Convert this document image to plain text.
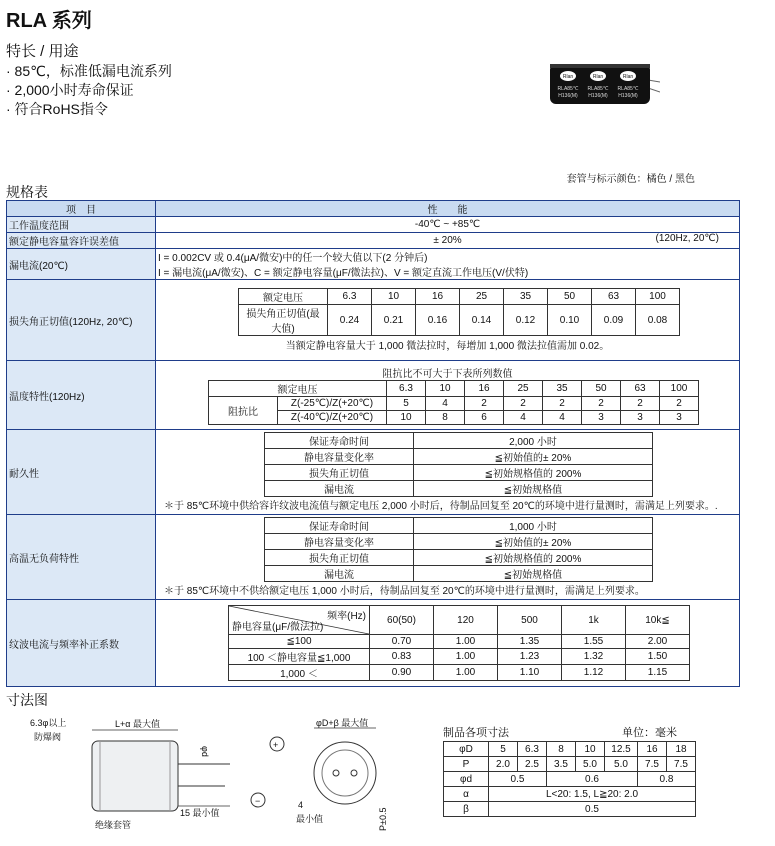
RLA 系列
特长 / 用途
· 85℃，标准低漏电流系列
· 2,000小时寿命保证
· 符合RoHS指令
Rlan	Rlan	Rlan
RLA85℃ RLA85℃ RLA85℃
H136(M) H136(M) H136(M)
套管与标示颜色：橘色 / 黑色
规格表
项　目	性　　能
工作温度范围	-40℃ ~ +85℃
额定静电容量容许误差值	± 20%	(120Hz, 20℃)

漏电流(20℃)	
I = 0.002CV 或 0.4(μA/微安)中的任一个较大值以下(2 分钟后)
I = 漏电流(μA/微安)、C = 额定静电容量(μF/微法拉)、V = 额定直流工作电压(V/伏特)

损失角正切值(120Hz, 20℃)	
额定电压	6.3	10	16	25	35	50	63	100
损失角正切值(最大值)	0.24	0.21	0.16	0.14	0.12	0.10	0.09	0.08
当额定静电容量大于 1,000 微法拉时，每增加 1,000 微法拉值需加 0.02。

温度特性(120Hz)	
阻抗比不可大于下表所列数值
额定电压	6.3	10	16	25	35	50	63	100
阻抗比	Z(-25℃)/Z(+20℃)	5	4	2	2	2	2	2	2
Z(-40℃)/Z(+20℃)	10	8	6	4	4	3	3	3

耐久性	
保证寿命时间	2,000 小时
静电容量变化率	≦初始值的± 20%
损失角正切值	≦初始规格值的 200%
漏电流	≦初始规格值
＊于 85℃环境中供给容许纹波电流值与额定电压 2,000 小时后，待制品回复至 20℃的环境中进行量测时，需满足上列要求。.

高温无负荷特性	
保证寿命时间	1,000 小时
静电容量变化率	≦初始值的± 20%
损失角正切值	≦初始规格值的 200%
漏电流	≦初始规格值
＊于 85℃环境中不供给额定电压 1,000 小时后，待制品回复至 20℃的环境中进行量测时，需满足上列要求。

纹波电流与频率补正系数	
频率(Hz)
静电容量(μF/微法拉)
	60(50)	120	500	1k	10k≦
≦100	0.70	1.00	1.35	1.55	2.00
100 ＜静电容量≦1,000	0.83	1.00	1.23	1.32	1.50
1,000 ＜	0.90	1.00	1.10	1.12	1.15
寸法图
L+α 最大值
15 最小值
φd
6.3φ以上
防爆阀
绝缘套管
+
−	4
最小值
φD+β 最大值
P±0.5
制品各项寸法	单位：毫米
φD	5	6.3	8	10	12.5	16	18
P	2.0	2.5	3.5	5.0	5.0	7.5	7.5
φd	0.5		0.6			0.8	
α	L<20: 1.5, L≧20: 2.0						
β	0.5						
